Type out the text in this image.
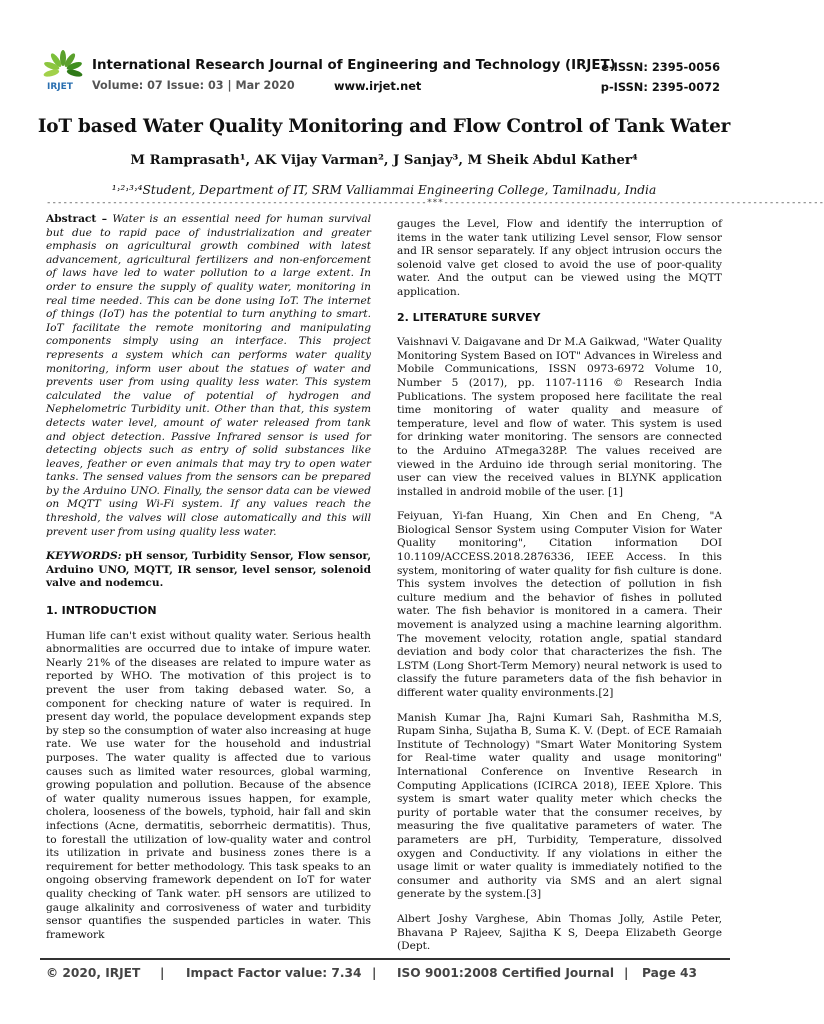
IRJET
International Research Journal of Engineering and Technology (IRJET)
Volume: 07 Issue: 03 | Mar 2020	www.irjet.net
e-ISSN: 2395-0056
p-ISSN: 2395-0072
IoT based Water Quality Monitoring and Flow Control of Tank Water
M Ramprasath¹, AK Vijay Varman², J Sanjay³, M Sheik Abdul Kather⁴
¹˒²˒³˒⁴Student, Department of IT, SRM Valliammai Engineering College, Tamilnadu, India
---------------------------------------------------------------------***---------------------------------------------------------------------

Abstract – Water is an essential need for human survival but due to rapid pace of industrialization and greater emphasis on agricultural growth combined with latest advancement, agricultural fertilizers and non-enforcement of laws have led to water pollution to a large extent. In order to ensure the supply of quality water, monitoring in real time needed. This can be done using IoT. The internet of things (IoT) has the potential to turn anything to smart. IoT facilitate the remote monitoring and manipulating components simply using an interface. This project represents a system which can performs water quality monitoring, inform user about the statues of water and prevents user from using quality less water. This system calculated the value of potential of hydrogen and Nephelometric Turbidity unit. Other than that, this system detects water level, amount of water released from tank and object detection. Passive Infrared sensor is used for detecting objects such as entry of solid substances like leaves, feather or even animals that may try to open water tanks. The sensed values from the sensors can be prepared by the Arduino UNO. Finally, the sensor data can be viewed on MQTT using Wi-Fi system. If any values reach the threshold, the valves will close automatically and this will prevent user from using quality less water.

KEYWORDS: pH sensor, Turbidity Sensor, Flow sensor, Arduino UNO, MQTT, IR sensor, level sensor, solenoid valve and nodemcu.

1. INTRODUCTION

Human life can't exist without quality water. Serious health abnormalities are occurred due to intake of impure water. Nearly 21% of the diseases are related to impure water as reported by WHO. The motivation of this project is to prevent the user from taking debased water. So, a component for checking nature of water is required. In present day world, the populace development expands step by step so the consumption of water also increasing at huge rate. We use water for the household and industrial purposes. The water quality is affected due to various causes such as limited water resources, global warming, growing population and pollution. Because of the absence of water quality numerous issues happen, for example, cholera, looseness of the bowels, typhoid, hair fall and skin infections (Acne, dermatitis, seborrheic dermatitis). Thus, to forestall the utilization of low-quality water and control its utilization in private and business zones there is a requirement for better methodology. This task speaks to an ongoing observing framework dependent on IoT for water quality checking of Tank water. pH sensors are utilized to gauge alkalinity and corrosiveness of water and turbidity sensor quantifies the suspended particles in water. This framework

gauges the Level, Flow and identify the interruption of items in the water tank utilizing Level sensor, Flow sensor and IR sensor separately. If any object intrusion occurs the solenoid valve get closed to avoid the use of poor-quality water. And the output can be viewed using the MQTT application.

2. LITERATURE SURVEY

Vaishnavi V. Daigavane and Dr M.A Gaikwad, "Water Quality Monitoring System Based on IOT" Advances in Wireless and Mobile Communications, ISSN 0973-6972 Volume 10, Number 5 (2017), pp. 1107-1116 © Research India Publications. The system proposed here facilitate the real time monitoring of water quality and measure of temperature, level and flow of water. This system is used for drinking water monitoring. The sensors are connected to the Arduino ATmega328P. The values received are viewed in the Arduino ide through serial monitoring. The user can view the received values in BLYNK application installed in android mobile of the user. [1]

Feiyuan, Yi-fan Huang, Xin Chen and En Cheng, "A Biological Sensor System using Computer Vision for Water Quality monitoring", Citation information DOI 10.1109/ACCESS.2018.2876336, IEEE Access. In this system, monitoring of water quality for fish culture is done. This system involves the detection of pollution in fish culture medium and the behavior of fishes in polluted water. The fish behavior is monitored in a camera. Their movement is analyzed using a machine learning algorithm. The movement velocity, rotation angle, spatial standard deviation and body color that characterizes the fish. The LSTM (Long Short-Term Memory) neural network is used to classify the future parameters data of the fish behavior in different water quality environments.[2]

Manish Kumar Jha, Rajni Kumari Sah, Rashmitha M.S, Rupam Sinha, Sujatha B, Suma K. V. (Dept. of ECE Ramaiah Institute of Technology) "Smart Water Monitoring System for Real-time water quality and usage monitoring" International Conference on Inventive Research in Computing Applications (ICIRCA 2018), IEEE Xplore. This system is smart water quality meter which checks the purity of portable water that the consumer receives, by measuring the five qualitative parameters of water. The parameters are pH, Turbidity, Temperature, dissolved oxygen and Conductivity. If any violations in either the usage limit or water quality is immediately notified to the consumer and authority via SMS and an alert signal generate by the system.[3]

Albert Joshy Varghese, Abin Thomas Jolly, Astile Peter, Bhavana P Rajeev, Sajitha K S, Deepa Elizabeth George (Dept.

© 2020, IRJET | Impact Factor value: 7.34 | ISO 9001:2008 Certified Journal | Page 43
